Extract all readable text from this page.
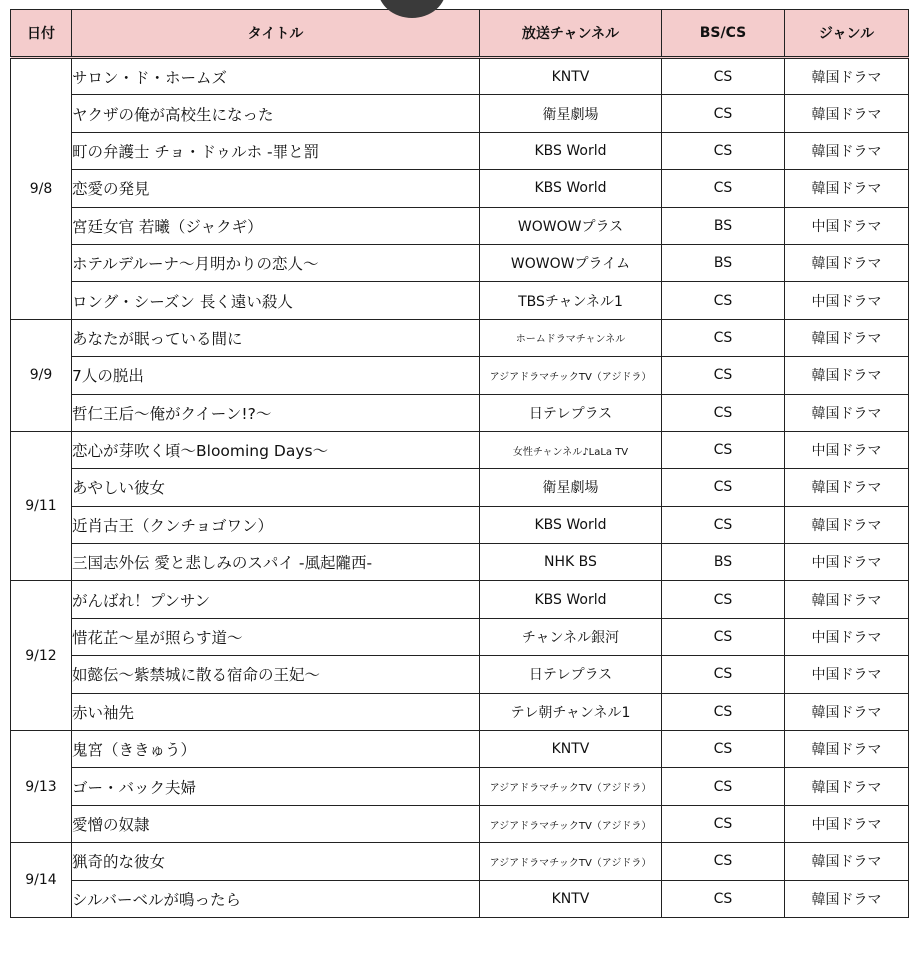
日付	タイトル	放送チャンネル	BS/CS	ジャンル
9/8	サロン・ド・ホームズ	KNTV	CS	韓国ドラマ
	ヤクザの俺が高校生になった	衛星劇場	CS	韓国ドラマ
	町の弁護士 チョ・ドゥルホ -罪と罰	KBS World	CS	韓国ドラマ
	恋愛の発見	KBS World	CS	韓国ドラマ
	宮廷女官 若曦（ジャクギ）	WOWOWプラス	BS	中国ドラマ
	ホテルデルーナ～月明かりの恋人～	WOWOWプライム	BS	韓国ドラマ
	ロング・シーズン 長く遠い殺人	TBSチャンネル1	CS	中国ドラマ
9/9	あなたが眠っている間に	ホームドラマチャンネル	CS	韓国ドラマ
	7人の脱出	アジアドラマチックTV（アジドラ）	CS	韓国ドラマ
	哲仁王后～俺がクイーン!?～	日テレプラス	CS	韓国ドラマ
9/11	恋心が芽吹く頃～Blooming Days～	女性チャンネル♪LaLa TV	CS	中国ドラマ
	あやしい彼女	衛星劇場	CS	韓国ドラマ
	近肖古王（クンチョゴワン）	KBS World	CS	韓国ドラマ
	三国志外伝 愛と悲しみのスパイ -風起隴西-	NHK BS	BS	中国ドラマ
9/12	がんばれ！プンサン	KBS World	CS	韓国ドラマ
	惜花芷～星が照らす道～	チャンネル銀河	CS	中国ドラマ
	如懿伝～紫禁城に散る宿命の王妃～	日テレプラス	CS	中国ドラマ
	赤い袖先	テレ朝チャンネル1	CS	韓国ドラマ
9/13	鬼宮（ききゅう）	KNTV	CS	韓国ドラマ
	ゴー・バック夫婦	アジアドラマチックTV（アジドラ）	CS	韓国ドラマ
	愛憎の奴隷	アジアドラマチックTV（アジドラ）	CS	中国ドラマ
9/14	猟奇的な彼女	アジアドラマチックTV（アジドラ）	CS	韓国ドラマ
	シルバーベルが鳴ったら	KNTV	CS	韓国ドラマ
